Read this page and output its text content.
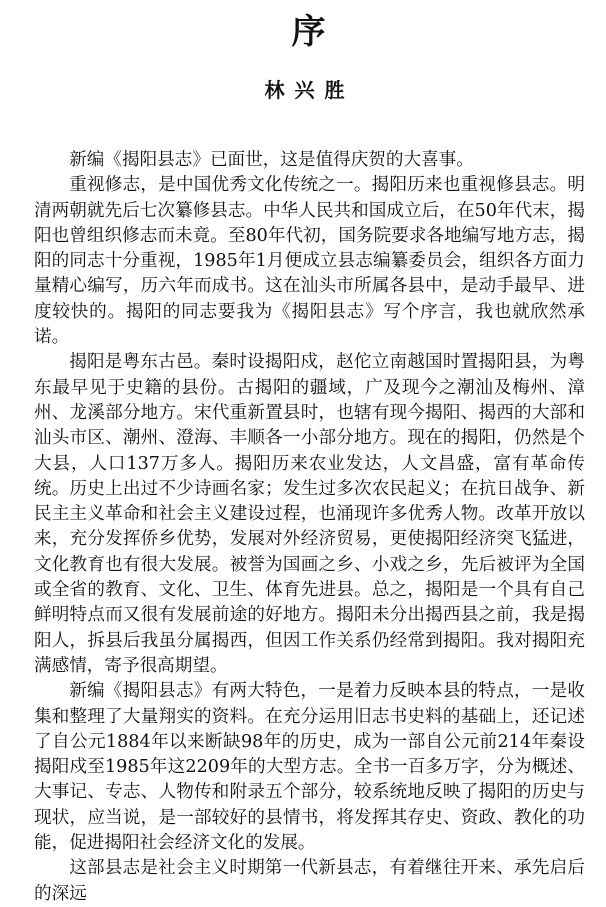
序
林兴胜

新编《揭阳县志》已面世，这是值得庆贺的大喜事。

重视修志，是中国优秀文化传统之一。揭阳历来也重视修县志。明清两朝就先后七次纂修县志。中华人民共和国成立后，在50年代末，揭阳也曾组织修志而未竟。至80年代初，国务院要求各地编写地方志，揭阳的同志十分重视，1985年1月便成立县志编纂委员会，组织各方面力量精心编写，历六年而成书。这在汕头市所属各县中，是动手最早、进度较快的。揭阳的同志要我为《揭阳县志》写个序言，我也就欣然承诺。

揭阳是粤东古邑。秦时设揭阳戍，赵佗立南越国时置揭阳县，为粤东最早见于史籍的县份。古揭阳的疆域，广及现今之潮汕及梅州、漳州、龙溪部分地方。宋代重新置县时，也辖有现今揭阳、揭西的大部和汕头市区、潮州、澄海、丰顺各一小部分地方。现在的揭阳，仍然是个大县，人口137万多人。揭阳历来农业发达，人文昌盛，富有革命传统。历史上出过不少诗画名家；发生过多次农民起义；在抗日战争、新民主主义革命和社会主义建设过程，也涌现许多优秀人物。改革开放以来，充分发挥侨乡优势，发展对外经济贸易，更使揭阳经济突飞猛进，文化教育也有很大发展。被誉为国画之乡、小戏之乡，先后被评为全国或全省的教育、文化、卫生、体育先进县。总之，揭阳是一个具有自己鲜明特点而又很有发展前途的好地方。揭阳未分出揭西县之前，我是揭阳人，拆县后我虽分属揭西，但因工作关系仍经常到揭阳。我对揭阳充满感情，寄予很高期望。

新编《揭阳县志》有两大特色，一是着力反映本县的特点，一是收集和整理了大量翔实的资料。在充分运用旧志书史料的基础上，还记述了自公元1884年以来断缺98年的历史，成为一部自公元前214年秦设揭阳戍至1985年这2209年的大型方志。全书一百多万字，分为概述、大事记、专志、人物传和附录五个部分，较系统地反映了揭阳的历史与现状，应当说，是一部较好的县情书，将发挥其存史、资政、教化的功能，促进揭阳社会经济文化的发展。

这部县志是社会主义时期第一代新县志，有着继往开来、承先启后的深远
